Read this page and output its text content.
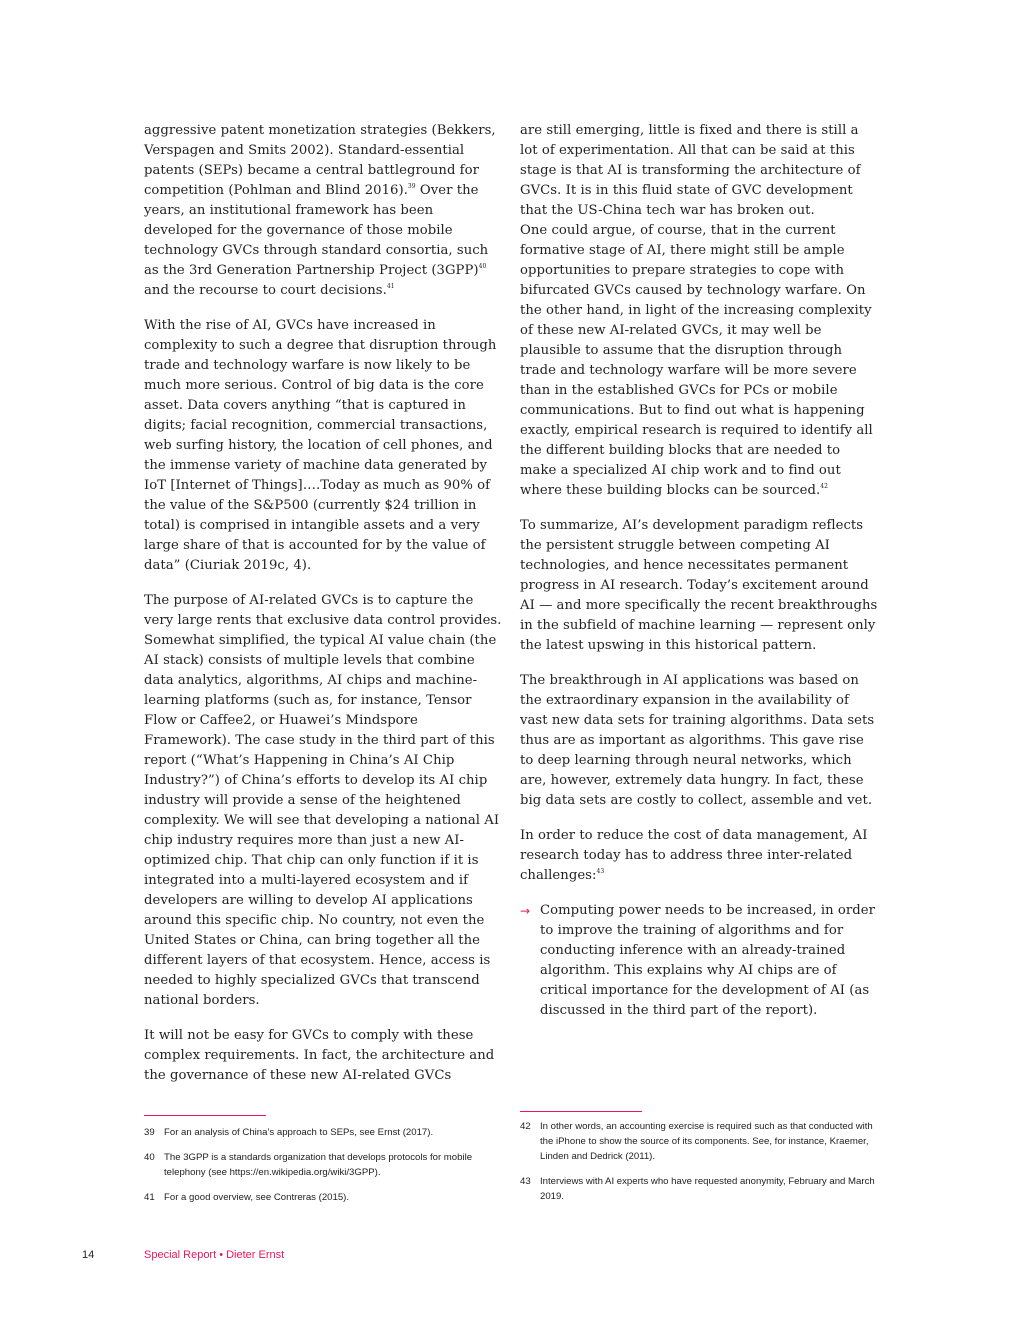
aggressive patent monetization strategies (Bekkers, Verspagen and Smits 2002). Standard-essential patents (SEPs) became a central battleground for competition (Pohlman and Blind 2016).$^{39}$ Over the years, an institutional framework has been developed for the governance of those mobile technology GVCs through standard consortia, such as the 3rd Generation Partnership Project $(3GPP)^{40}$ and the recourse to court decisions.$^{41}$

With the rise of AI, GVCs have increased in complexity to such a degree that disruption through trade and technology warfare is now likely to be much more serious. Control of big data is the core asset. Data covers anything “that is captured in digits; facial recognition, commercial transactions, web surfing history, the location of cell phones, and the immense variety of machine data generated by IoT [Internet of Things]….Today as much as 90% of the value of the S&P500 (currently $24 trillion in total) is comprised in intangible assets and a very large share of that is accounted for by the value of data” (Ciuriak 2019c, 4).

The purpose of AI-related GVCs is to capture the very large rents that exclusive data control provides. Somewhat simplified, the typical AI value chain (the AI stack) consists of multiple levels that combine data analytics, algorithms, AI chips and machine-learning platforms (such as, for instance, Tensor Flow or Caffee2, or Huawei’s Mindspore Framework). The case study in the third part of this report (“What’s Happening in China’s AI Chip Industry?”) of China’s efforts to develop its AI chip industry will provide a sense of the heightened complexity. We will see that developing a national AI chip industry requires more than just a new AI-optimized chip. That chip can only function if it is integrated into a multi-layered ecosystem and if developers are willing to develop AI applications around this specific chip. No country, not even the United States or China, can bring together all the different layers of that ecosystem. Hence, access is needed to highly specialized GVCs that transcend national borders.

It will not be easy for GVCs to comply with these complex requirements. In fact, the architecture and the governance of these new AI-related GVCs

are still emerging, little is fixed and there is still a lot of experimentation. All that can be said at this stage is that AI is transforming the architecture of GVCs. It is in this fluid state of GVC development that the US-China tech war has broken out.

One could argue, of course, that in the current formative stage of AI, there might still be ample opportunities to prepare strategies to cope with bifurcated GVCs caused by technology warfare. On the other hand, in light of the increasing complexity of these new AI-related GVCs, it may well be plausible to assume that the disruption through trade and technology warfare will be more severe than in the established GVCs for PCs or mobile communications. But to find out what is happening exactly, empirical research is required to identify all the different building blocks that are needed to make a specialized AI chip work and to find out where these building blocks can be sourced.$^{42}$

To summarize, AI’s development paradigm reflects the persistent struggle between competing AI technologies, and hence necessitates permanent progress in AI research. Today’s excitement around AI — and more specifically the recent breakthroughs in the subfield of machine learning — represent only the latest upswing in this historical pattern.

The breakthrough in AI applications was based on the extraordinary expansion in the availability of vast new data sets for training algorithms. Data sets thus are as important as algorithms. This gave rise to deep learning through neural networks, which are, however, extremely data hungry. In fact, these big data sets are costly to collect, assemble and vet.

In order to reduce the cost of data management, AI research today has to address three inter-related challenges:$^{43}$

→ Computing power needs to be increased, in order to improve the training of algorithms and for conducting inference with an already-trained algorithm. This explains why AI chips are of critical importance for the development of AI (as discussed in the third part of the report).
39 For an analysis of China’s approach to SEPs, see Ernst (2017).
40 The 3GPP is a standards organization that develops protocols for mobile telephony (see https://en.wikipedia.org/wiki/3GPP).
41 For a good overview, see Contreras (2015).
42 In other words, an accounting exercise is required such as that conducted with the iPhone to show the source of its components. See, for instance, Kraemer, Linden and Dedrick (2011).
43 Interviews with AI experts who have requested anonymity, February and March 2019.
14	Special Report • Dieter Ernst
